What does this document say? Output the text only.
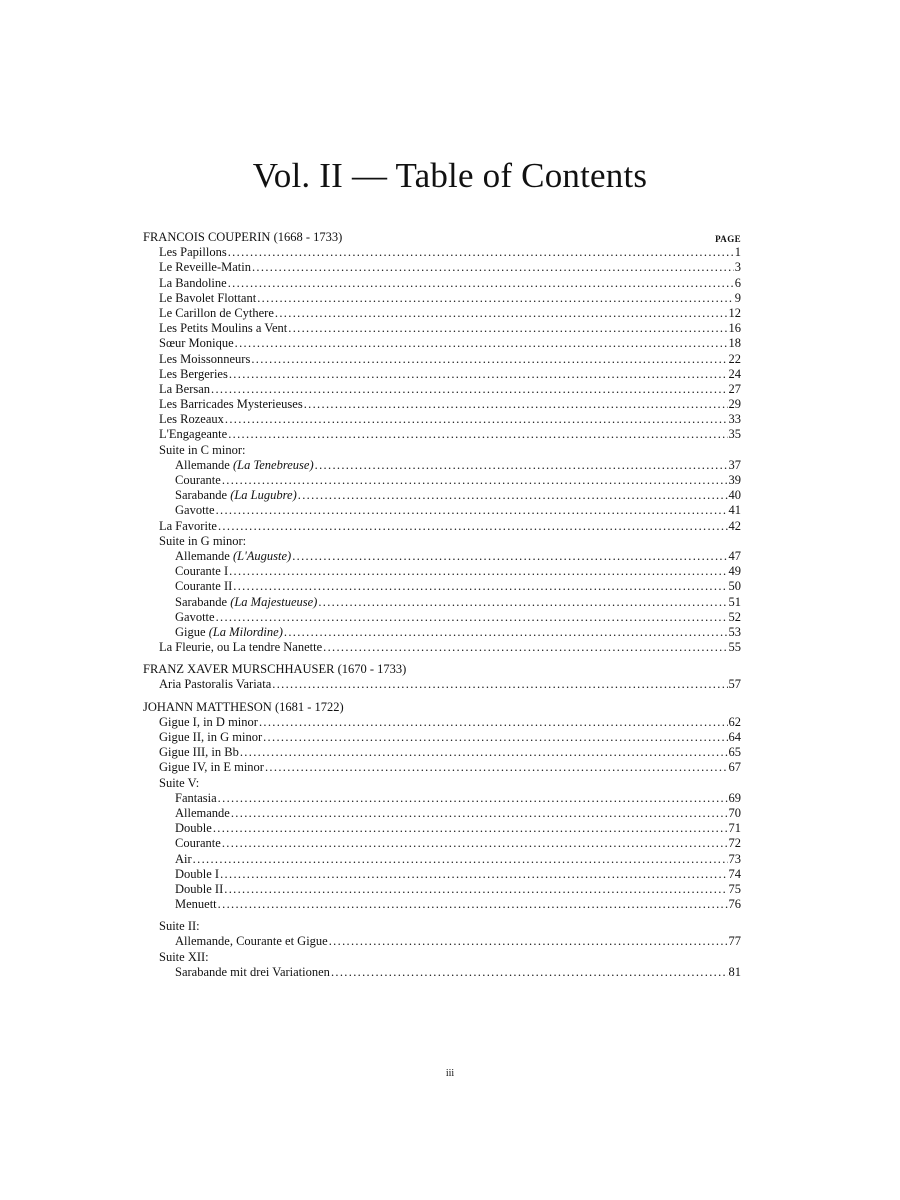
Vol. II — Table of Contents
FRANCOIS COUPERIN (1668 - 1733)	PAGE
Les Papillons . . .	1
Le Reveille-Matin . . .	3
La Bandoline . . .	6
Le Bavolet Flottant . . .	9
Le Carillon de Cythere . . .	12
Les Petits Moulins a Vent . . .	16
Sœur Monique . . .	18
Les Moissonneurs . . .	22
Les Bergeries . . .	24
La Bersan . . .	27
Les Barricades Mysterieuses . . .	29
Les Rozeaux . . .	33
L'Engageante . . .	35
Suite in C minor:
Allemande (La Tenebreuse) . . .	37
Courante . . .	39
Sarabande (La Lugubre) . . .	40
Gavotte . . .	41
La Favorite . . .	42
Suite in G minor:
Allemande (L'Auguste) . . .	47
Courante I . . .	49
Courante II . . .	50
Sarabande (La Majestueuse) . . .	51
Gavotte . . .	52
Gigue (La Milordine) . . .	53
La Fleurie, ou La tendre Nanette . . .	55
FRANZ XAVER MURSCHHAUSER (1670 - 1733)
Aria Pastoralis Variata . . .	57
JOHANN MATTHESON (1681 - 1722)
Gigue I, in D minor . . .	62
Gigue II, in G minor . . .	64
Gigue III, in Bb . . .	65
Gigue IV, in E minor . . .	67
Suite V:
Fantasia . . .	69
Allemande . . .	70
Double . . .	71
Courante . . .	72
Air . . .	73
Double I . . .	74
Double II . . .	75
Menuett . . .	76
Suite II:
Allemande, Courante et Gigue . . .	77
Suite XII:
Sarabande mit drei Variationen . . .	81
iii
